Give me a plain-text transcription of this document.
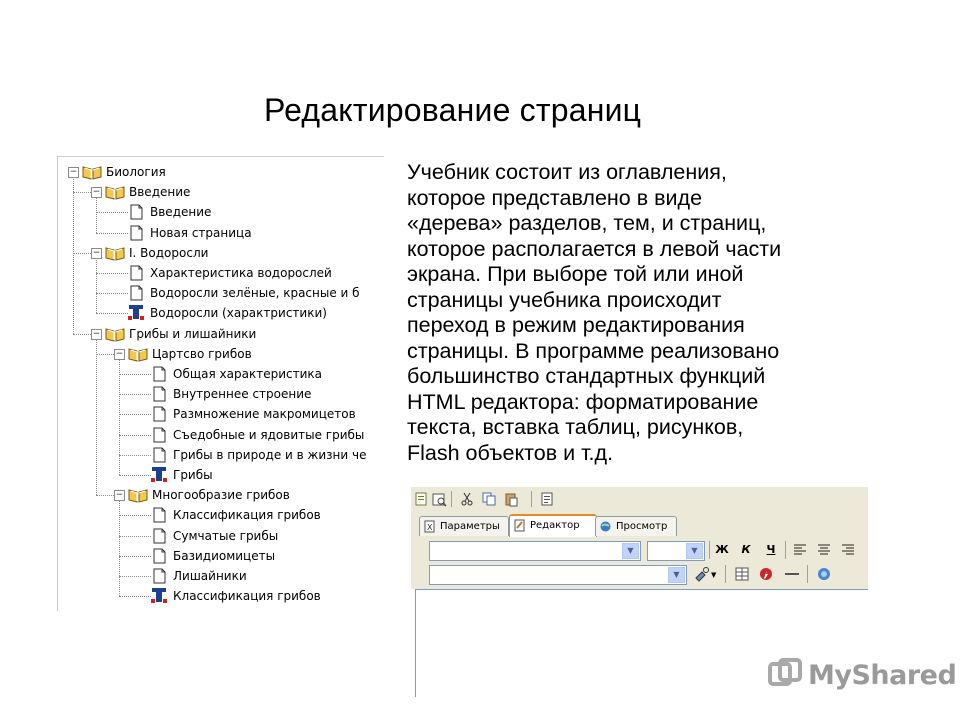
Редактирование страниц
− Биология
− Введение
Введение
Новая страница
− I. Водоросли
Характеристика водорослей
Водоросли зелёные, красные и б
Водоросли (характристики)
− Грибы и лишайники
− Цартсво грибов
Общая характеристика
Внутреннее строение
Размножение макромицетов
Съедобные и ядовитые грибы
Грибы в природе и в жизни че
Грибы
− Многообразие грибов
Классификация грибов
Сумчатые грибы
Базидиомицеты
Лишайники
Классификация грибов
Учебник состоит из оглавления,
которое представлено в виде
«дерева» разделов, тем, и страниц,
которое располагается в левой части
экрана. При выборе той или иной
страницы учебника происходит
переход в режим редактирования
страницы. В программе реализовано
большинство стандартных функций
HTML редактора: форматирование
текста, вставка таблиц, рисунков,
Flash объектов и т.д.
X Параметры	Редактор	Просмотр
▼	▼	Ж	К	Ч
▼	▼
MyShared
